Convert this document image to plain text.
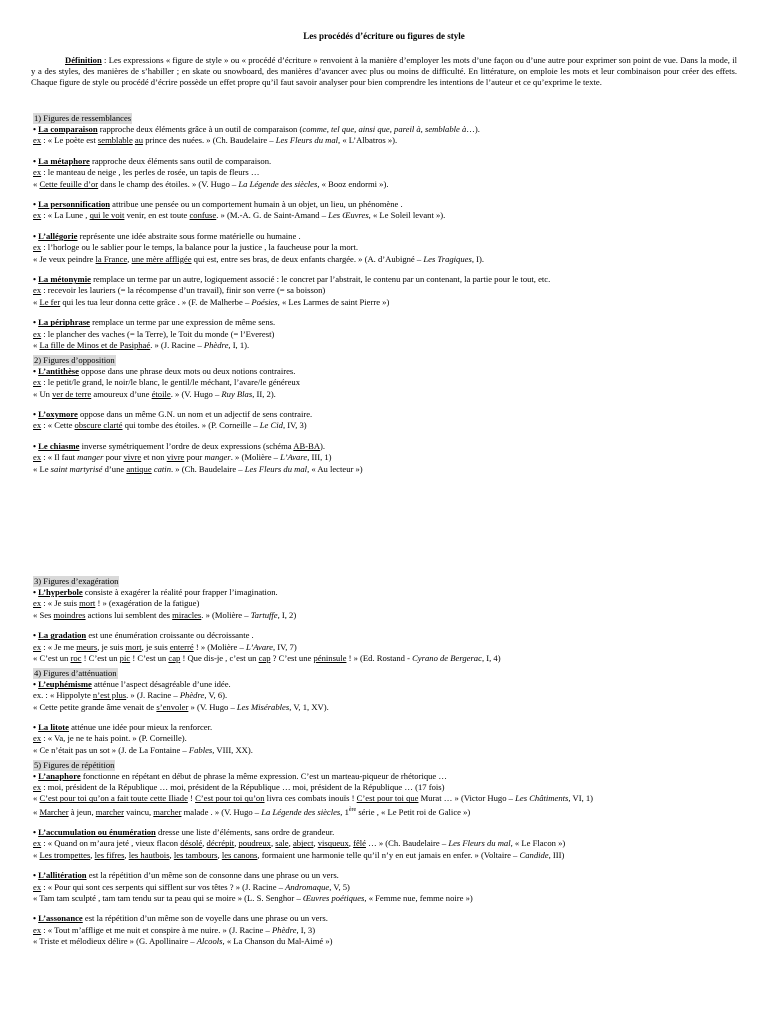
Les procédés d’écriture ou figures de style
Définition : Les expressions « figure de style » ou « procédé d’écriture » renvoient à la manière d’employer les mots d’une façon ou d’une autre pour exprimer son point de vue. Dans la mode, il y a des styles, des manières de s’habiller ; en skate ou snowboard, des manières d’avancer avec plus ou moins de difficulté. En littérature, on emploie les mots et leur combinaison pour créer des effets. Chaque figure de style ou procédé d’écrire possède un effet propre qu’il faut savoir analyser pour bien comprendre les intentions de l’auteur et ce qu’exprime le texte.
1) Figures de ressemblances
• La comparaison rapproche deux éléments grâce à un outil de comparaison (comme, tel que, ainsi que, pareil à, semblable à…).
ex : « Le poète est semblable au prince des nuées. » (Ch. Baudelaire – Les Fleurs du mal, « L’Albatros »).
• La métaphore rapproche deux éléments sans outil de comparaison.
ex : le manteau de neige , les perles de rosée, un tapis de fleurs …
« Cette feuille d’or dans le champ des étoiles. » (V. Hugo – La Légende des siècles, « Booz endormi »).
• La personnification attribue une pensée ou un comportement humain à un objet, un lieu, un phénomène .
ex : « La Lune , qui le voit venir, en est toute confuse. » (M.-A. G. de Saint-Amand – Les Œuvres, « Le Soleil levant »).
• L’allégorie représente une idée abstraite sous forme matérielle ou humaine .
ex : l’horloge ou le sablier pour le temps, la balance pour la justice , la faucheuse pour la mort.
« Je veux peindre la France, une mère affligée qui est, entre ses bras, de deux enfants chargée. » (A. d’Aubigné – Les Tragiques, I).
• La métonymie remplace un terme par un autre, logiquement associé : le concret par l’abstrait, le contenu par un contenant, la partie pour le tout, etc.
ex : recevoir les lauriers (= la récompense d’un travail), finir son verre (= sa boisson)
« Le fer qui les tua leur donna cette grâce . » (F. de Malherbe – Poésies, « Les Larmes de saint Pierre »)
• La périphrase remplace un terme par une expression de même sens.
ex : le plancher des vaches (= la Terre), le Toit du monde (= l’Everest)
« La fille de Minos et de Pasiphaé. » (J. Racine – Phèdre, I, 1).
2) Figures d’opposition
• L’antithèse oppose dans une phrase deux mots ou deux notions contraires.
ex : le petit/le grand, le noir/le blanc, le gentil/le méchant, l’avare/le généreux
« Un ver de terre amoureux d’une étoile. » (V. Hugo – Ruy Blas, II, 2).
• L’oxymore oppose dans un même G.N. un nom et un adjectif de sens contraire.
ex : « Cette obscure clarté qui tombe des étoiles. » (P. Corneille – Le Cid, IV, 3)
• Le chiasme inverse symétriquement l’ordre de deux expressions (schéma AB-BA).
ex : « Il faut manger pour vivre et non vivre pour manger. » (Molière – L’Avare, III, 1)
« Le saint martyrisé d’une antique catin. » (Ch. Baudelaire – Les Fleurs du mal, « Au lecteur »)
3) Figures d’exagération
• L’hyperbole consiste à exagérer la réalité pour frapper l’imagination.
ex : « Je suis mort ! » (exagération de la fatigue)
« Ses moindres actions lui semblent des miracles. » (Molière – Tartuffe, I, 2)
• La gradation est une énumération croissante ou décroissante .
ex : « Je me meurs, je suis mort, je suis enterré ! » (Molière – L’Avare, IV, 7)
« C’est un roc ! C’est un pic ! C’est un cap ! Que dis-je , c’est un cap ? C’est une péninsule ! » (Ed. Rostand - Cyrano de Bergerac, I, 4)
4) Figures d’atténuation
• L’euphémisme atténue l’aspect désagréable d’une idée.
ex. : « Hippolyte n’est plus. » (J. Racine – Phèdre, V, 6).
« Cette petite grande âme venait de s’envoler » (V. Hugo – Les Misérables, V, 1, XV).
• La litote atténue une idée pour mieux la renforcer.
ex : « Va, je ne te hais point. » (P. Corneille).
« Ce n’était pas un sot » (J. de La Fontaine – Fables, VIII, XX).
5) Figures de répétition
• L’anaphore fonctionne en répétant en début de phrase la même expression. C’est un marteau-piqueur de rhétorique …
ex : moi, président de la République … moi, président de la République … moi, président de la République … (17 fois)
« C’est pour toi qu’on a fait toute cette Iliade ! C’est pour toi qu’on livra ces combats inouïs ! C’est pour toi que Murat … » (Victor Hugo – Les Châtiments, VI, 1)
« Marcher à jeun, marcher vaincu, marcher malade . » (V. Hugo – La Légende des siècles, 1ère série , « Le Petit roi de Galice »)
• L’accumulation ou énumération dresse une liste d’éléments, sans ordre de grandeur.
ex : « Quand on m’aura jeté , vieux flacon désolé, décrépit, poudreux, sale, abject, visqueux, fêlé … » (Ch. Baudelaire – Les Fleurs du mal, « Le Flacon »)
« Les trompettes, les fifres, les hautbois, les tambours, les canons, formaient une harmonie telle qu’il n’y en eut jamais en enfer. » (Voltaire – Candide, III)
• L’allitération est la répétition d’un même son de consonne dans une phrase ou un vers.
ex : « Pour qui sont ces serpents qui sifflent sur vos têtes ? » (J. Racine – Andromaque, V, 5)
« Tam tam sculpté , tam tam tendu sur ta peau qui se moire » (L. S. Senghor – Œuvres poétiques, « Femme nue, femme noire »)
• L’assonance est la répétition d’un même son de voyelle dans une phrase ou un vers.
ex : « Tout m’afflige et me nuit et conspire à me nuire. » (J. Racine – Phèdre, I, 3)
« Triste et mélodieux délire » (G. Apollinaire – Alcools, « La Chanson du Mal-Aimé »)
